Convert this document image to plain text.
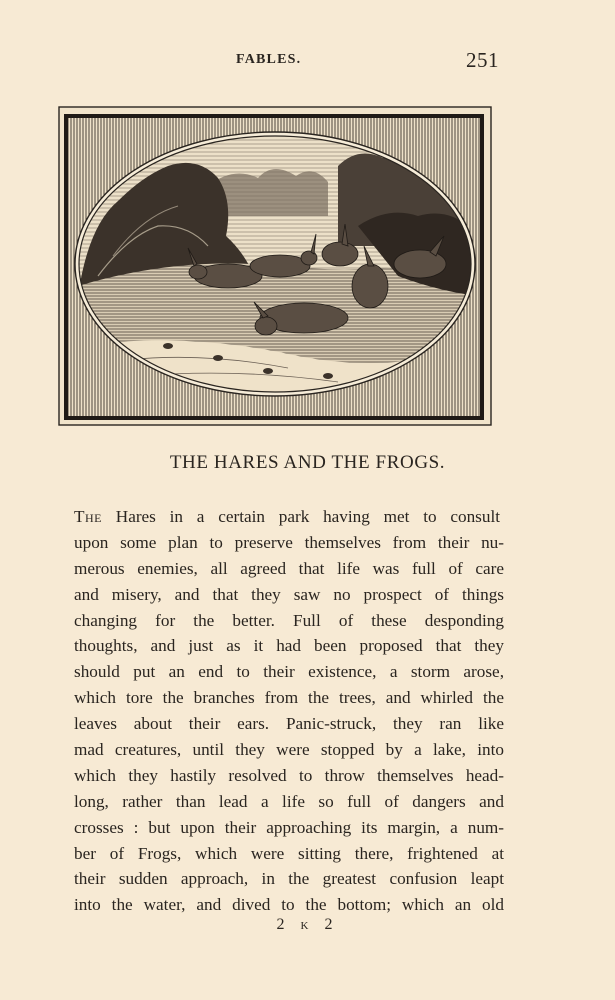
FABLES.	251
THE HARES AND THE FROGS.
The Hares in a certain park having met to consult
upon some plan to preserve themselves from their nu-
merous enemies, all agreed that life was full of care
and misery, and that they saw no prospect of things
changing for the better. Full of these desponding
thoughts, and just as it had been proposed that they
should put an end to their existence, a storm arose,
which tore the branches from the trees, and whirled the
leaves about their ears. Panic-struck, they ran like
mad creatures, until they were stopped by a lake, into
which they hastily resolved to throw themselves head-
long, rather than lead a life so full of dangers and
crosses : but upon their approaching its margin, a num-
ber of Frogs, which were sitting there, frightened at
their sudden approach, in the greatest confusion leapt
into the water, and dived to the bottom; which an old
2 k 2
